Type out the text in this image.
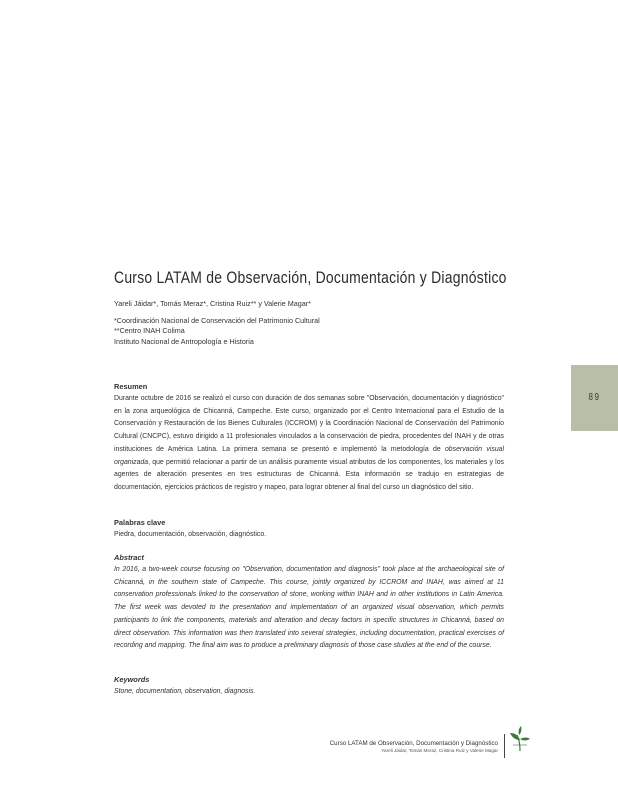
Curso LATAM de Observación, Documentación y Diagnóstico
Yareli Jáidar*, Tomás Meraz*, Cristina Ruiz** y Valerie Magar*
*Coordinación Nacional de Conservación del Patrimonio Cultural
**Centro INAH Colima
Instituto Nacional de Antropología e Historia
Resumen
Durante octubre de 2016 se realizó el curso con duración de dos semanas sobre "Observación, documentación y diagnóstico" en la zona arqueológica de Chicanná, Campeche. Este curso, organizado por el Centro Internacional para el Estudio de la Conservación y Restauración de los Bienes Culturales (ICCROM) y la Coordinación Nacional de Conservación del Patrimonio Cultural (CNCPC), estuvo dirigido a 11 profesionales vinculados a la conservación de piedra, procedentes del INAH y de otras instituciones de América Latina. La primera semana se presentó e implementó la metodología de observación visual organizada, que permitió relacionar a partir de un análisis puramente visual atributos de los componentes, los materiales y los agentes de alteración presentes en tres estructuras de Chicanná. Esta información se tradujo en estrategias de documentación, ejercicios prácticos de registro y mapeo, para lograr obtener al final del curso un diagnóstico del sitio.
Palabras clave
Piedra, documentación, observación, diagnóstico.
Abstract
In 2016, a two-week course focusing on "Observation, documentation and diagnosis" took place at the archaeological site of Chicanná, in the southern state of Campeche. This course, jointly organized by ICCROM and INAH, was aimed at 11 conservation professionals linked to the conservation of stone, working within INAH and in other institutions in Latin America. The first week was devoted to the presentation and implementation of an organized visual observation, which permits participants to link the components, materials and alteration and decay factors in specific structures in Chicanná, based on direct observation. This information was then translated into several strategies, including documentation, practical exercises of recording and mapping. The final aim was to produce a preliminary diagnosis of those case studies at the end of the course.
Keywords
Stone, documentation, observation, diagnosis.
89
Curso LATAM de Observación, Documentación y Diagnóstico
Yareli Jáidar, Tomás Meraz, Cristina Ruiz y Valerie Magar
